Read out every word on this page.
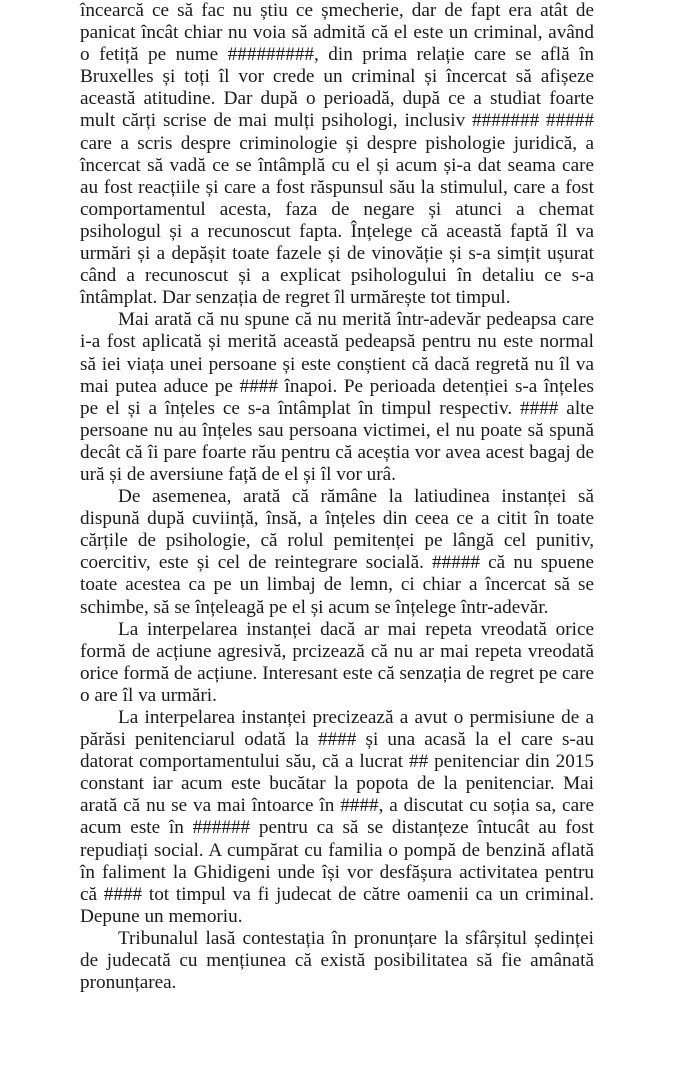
încearcă ce să fac nu știu ce șmecherie, dar de fapt era atât de panicat încât chiar nu voia să admită că el este un criminal, având o fetiță pe nume #########, din prima relație care se află în Bruxelles și toți îl vor crede un criminal și încercat să afișeze această atitudine. Dar după o perioadă, după ce a studiat foarte mult cărți scrise de mai mulți psihologi, inclusiv ####### ##### care a scris despre criminologie și despre pishologie juridică, a încercat să vadă ce se întâmplă cu el și acum și-a dat seama care au fost reacțiile și care a fost răspunsul său la stimulul, care a fost comportamentul acesta, faza de negare și atunci a chemat psihologul și a recunoscut fapta. Înțelege că această faptă îl va urmări și a depășit toate fazele și de vinovăție și s-a simțit ușurat când a recunoscut și a explicat psihologului în detaliu ce s-a întâmplat. Dar senzația de regret îl urmărește tot timpul.

Mai arată că nu spune că nu merită într-adevăr pedeapsa care i-a fost aplicată și merită această pedeapsă pentru nu este normal să iei viața unei persoane și este conștient că dacă regretă nu îl va mai putea aduce pe #### înapoi. Pe perioada detenției s-a înțeles pe el și a înțeles ce s-a întâmplat în timpul respectiv. #### alte persoane nu au înțeles sau persoana victimei, el nu poate să spună decât că îi pare foarte rău pentru că aceștia vor avea acest bagaj de ură și de aversiune față de el și îl vor urâ.

De asemenea, arată că rămâne la latiudinea instanței să dispună după cuviință, însă, a înțeles din ceea ce a citit în toate cărțile de psihologie, că rolul pemitenței pe lângă cel punitiv, coercitiv, este și cel de reintegrare socială. ##### că nu spuene toate acestea ca pe un limbaj de lemn, ci chiar a încercat să se schimbe, să se înțeleagă pe el și acum se înțelege într-adevăr.

La interpelarea instanței dacă ar mai repeta vreodată orice formă de acțiune agresivă, prcizează că nu ar mai repeta vreodată orice formă de acțiune. Interesant este că senzația de regret pe care o are îl va urmări.

La interpelarea instanței precizează a avut o permisiune de a părăsi penitenciarul odată la #### și una acasă la el care s-au datorat comportamentului său, că a lucrat ## penitenciar din 2015 constant iar acum este bucătar la popota de la penitenciar. Mai arată că nu se va mai întoarce în ####, a discutat cu soția sa, care acum este în ###### pentru ca să se distanțeze întucât au fost repudiați social. A cumpărat cu familia o pompă de benzină aflată în faliment la Ghidigeni unde își vor desfășura activitatea pentru că #### tot timpul va fi judecat de către oamenii ca un criminal. Depune un memoriu.

Tribunalul lasă contestația în pronunțare la sfârșitul ședinței de judecată cu mențiunea că există posibilitatea să fie amânată pronunțarea.
